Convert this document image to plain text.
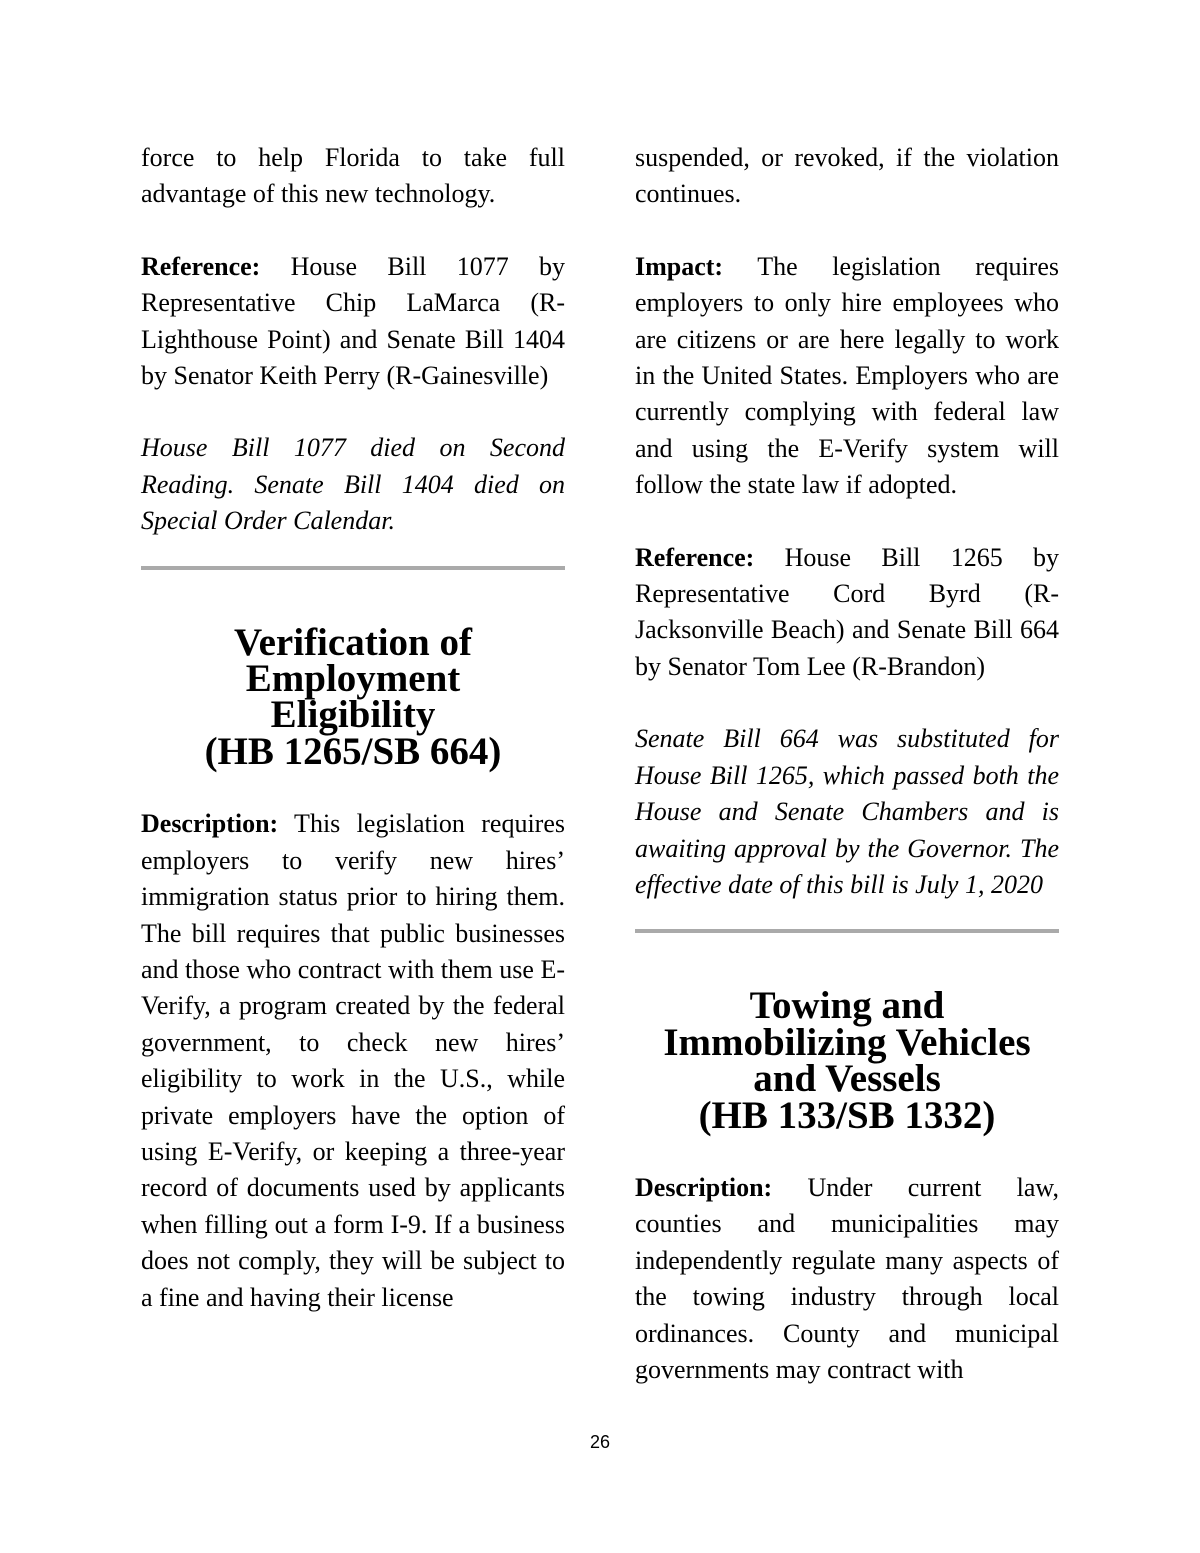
force to help Florida to take full advantage of this new technology.

Reference: House Bill 1077 by Representative Chip LaMarca (R-Lighthouse Point) and Senate Bill 1404 by Senator Keith Perry (R-Gainesville)

House Bill 1077 died on Second Reading. Senate Bill 1404 died on Special Order Calendar.

Verification of Employment
Eligibility
(HB 1265/SB 664)

Description: This legislation requires employers to verify new hires’ immigration status prior to hiring them. The bill requires that public businesses and those who contract with them use E-Verify, a program created by the federal government, to check new hires’ eligibility to work in the U.S., while private employers have the option of using E-Verify, or keeping a three-year record of documents used by applicants when filling out a form I-9. If a business does not comply, they will be subject to a fine and having their license

suspended, or revoked, if the violation continues.

Impact: The legislation requires employers to only hire employees who are citizens or are here legally to work in the United States. Employers who are currently complying with federal law and using the E-Verify system will follow the state law if adopted.

Reference: House Bill 1265 by Representative Cord Byrd (R-Jacksonville Beach) and Senate Bill 664 by Senator Tom Lee (R-Brandon)

Senate Bill 664 was substituted for House Bill 1265, which passed both the House and Senate Chambers and is awaiting approval by the Governor. The effective date of this bill is July 1, 2020

Towing and Immobilizing Vehicles
and Vessels
(HB 133/SB 1332)

Description: Under current law, counties and municipalities may independently regulate many aspects of the towing industry through local ordinances. County and municipal governments may contract with

26
